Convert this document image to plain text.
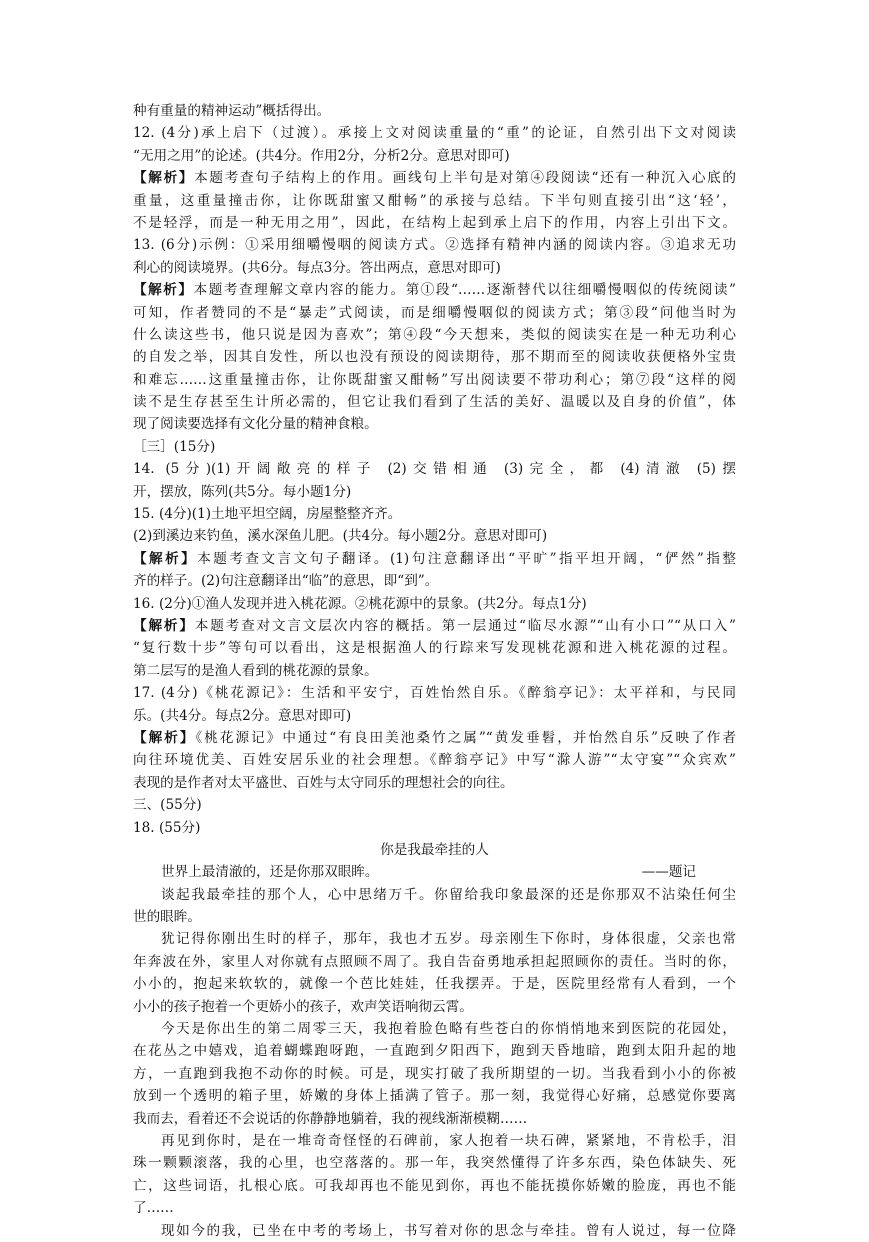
种有重量的精神运动”概括得出。
12. (4分)承上启下（过渡）。承接上文对阅读重量的“重”的论证，自然引出下文对阅读
“无用之用”的论述。(共4分。作用2分，分析2分。意思对即可)
【解析】本题考查句子结构上的作用。画线句上半句是对第④段阅读“还有一种沉入心底的
重量，这重量撞击你，让你既甜蜜又酣畅”的承接与总结。下半句则直接引出“这‘轻’，
不是轻浮，而是一种无用之用”，因此，在结构上起到承上启下的作用，内容上引出下文。
13. (6分)示例：①采用细嚼慢咽的阅读方式。②选择有精神内涵的阅读内容。③追求无功
利心的阅读境界。(共6分。每点3分。答出两点，意思对即可)
【解析】本题考查理解文章内容的能力。第①段“……逐渐替代以往细嚼慢咽似的传统阅读”
可知，作者赞同的不是“暴走”式阅读，而是细嚼慢咽似的阅读方式；第③段“问他当时为
什么读这些书，他只说是因为喜欢”；第④段“今天想来，类似的阅读实在是一种无功利心
的自发之举，因其自发性，所以也没有预设的阅读期待，那不期而至的阅读收获便格外宝贵
和难忘……这重量撞击你，让你既甜蜜又酣畅”写出阅读要不带功利心；第⑦段“这样的阅
读不是生存甚至生计所必需的，但它让我们看到了生活的美好、温暖以及自身的价值”，体
现了阅读要选择有文化分量的精神食粮。
［三］(15分)
14. (5分)(1)开阔敞亮的样子 (2)交错相通 (3)完全，都 (4)清澈 (5)摆
开，摆放，陈列(共5分。每小题1分)
15. (4分)(1)土地平坦空阔，房屋整整齐齐。
(2)到溪边来钓鱼，溪水深鱼儿肥。(共4分。每小题2分。意思对即可)
【解析】本题考查文言文句子翻译。(1)句注意翻译出“平旷”指平坦开阔，“俨然”指整
齐的样子。(2)句注意翻译出“临”的意思，即“到”。
16. (2分)①渔人发现并进入桃花源。②桃花源中的景象。(共2分。每点1分)
【解析】本题考查对文言文层次内容的概括。第一层通过“临尽水源”“山有小口”“从口入”
“复行数十步”等句可以看出，这是根据渔人的行踪来写发现桃花源和进入桃花源的过程。
第二层写的是渔人看到的桃花源的景象。
17. (4分)《桃花源记》：生活和平安宁，百姓怡然自乐。《醉翁亭记》：太平祥和，与民同
乐。(共4分。每点2分。意思对即可)
【解析】《桃花源记》中通过“有良田美池桑竹之属”“黄发垂髫，并怡然自乐”反映了作者
向往环境优美、百姓安居乐业的社会理想。《醉翁亭记》中写“滁人游”“太守宴”“众宾欢”
表现的是作者对太平盛世、百姓与太守同乐的理想社会的向往。
三、(55分)
18. (55分)
你是我最牵挂的人
世界上最清澈的，还是你那双眼眸。	——题记
谈起我最牵挂的那个人，心中思绪万千。你留给我印象最深的还是你那双不沾染任何尘
世的眼眸。
犹记得你刚出生时的样子，那年，我也才五岁。母亲刚生下你时，身体很虚，父亲也常
年奔波在外，家里人对你就有点照顾不周了。我自告奋勇地承担起照顾你的责任。当时的你，
小小的，抱起来软软的，就像一个芭比娃娃，任我摆弄。于是，医院里经常有人看到，一个
小小的孩子抱着一个更娇小的孩子，欢声笑语响彻云霄。
今天是你出生的第二周零三天，我抱着脸色略有些苍白的你悄悄地来到医院的花园处，
在花丛之中嬉戏，追着蝴蝶跑呀跑，一直跑到夕阳西下，跑到天昏地暗，跑到太阳升起的地
方，一直跑到我抱不动你的时候。可是，现实打破了我所期望的一切。当我看到小小的你被
放到一个透明的箱子里，娇嫩的身体上插满了管子。那一刻，我觉得心好痛，总感觉你要离
我而去，看着还不会说话的你静静地躺着，我的视线渐渐模糊……
再见到你时，是在一堆奇奇怪怪的石碑前，家人抱着一块石碑，紧紧地，不肯松手，泪
珠一颗颗滚落，我的心里，也空落落的。那一年，我突然懂得了许多东西，染色体缺失、死
亡，这些词语，扎根心底。可我却再也不能见到你，再也不能抚摸你娇嫩的脸庞，再也不能
了……
现如今的我，已坐在中考的考场上，书写着对你的思念与牵挂。曾有人说过，每一位降
